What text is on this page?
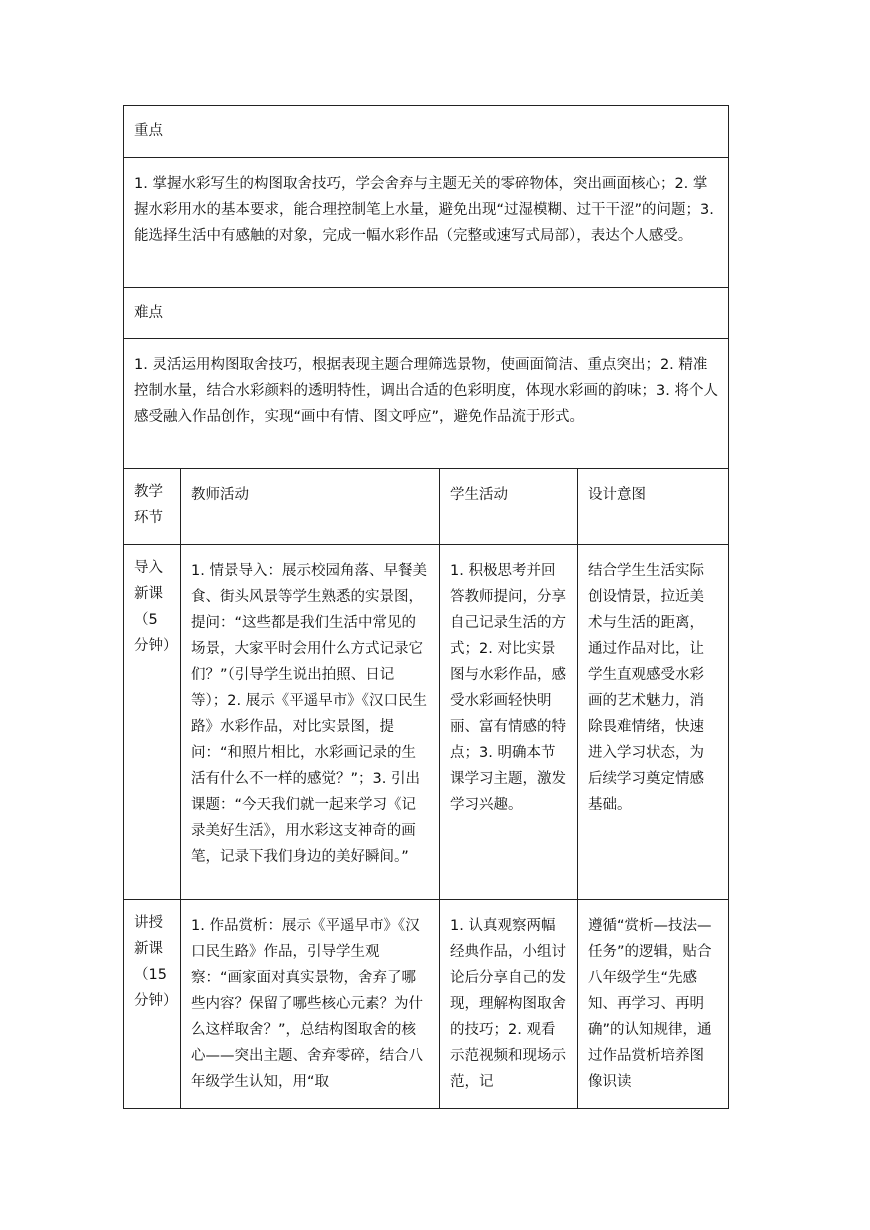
重点			
1. 掌握水彩写生的构图取舍技巧，学会舍弃与主题无关的零碎物体，突出画面核心；2. 掌握水彩用水的基本要求，能合理控制笔上水量，避免出现“过湿模糊、过干干涩”的问题；3. 能选择生活中有感触的对象，完成一幅水彩作品（完整或速写式局部），表达个人感受。			
难点			
1. 灵活运用构图取舍技巧，根据表现主题合理筛选景物，使画面简洁、重点突出；2. 精准控制水量，结合水彩颜料的透明特性，调出合适的色彩明度，体现水彩画的韵味；3. 将个人感受融入作品创作，实现“画中有情、图文呼应”，避免作品流于形式。			
教学环节	教师活动	学生活动	设计意图
导入新课（5分钟）	1. 情景导入：展示校园角落、早餐美食、街头风景等学生熟悉的实景图，提问：“这些都是我们生活中常见的场景，大家平时会用什么方式记录它们？”（引导学生说出拍照、日记等）；2. 展示《平遥早市》《汉口民生路》水彩作品，对比实景图，提问：“和照片相比，水彩画记录的生活有什么不一样的感觉？”；3. 引出课题：“今天我们就一起来学习《记录美好生活》，用水彩这支神奇的画笔，记录下我们身边的美好瞬间。”	1. 积极思考并回答教师提问，分享自己记录生活的方式；2. 对比实景图与水彩作品，感受水彩画轻快明丽、富有情感的特点；3. 明确本节课学习主题，激发学习兴趣。	结合学生生活实际创设情景，拉近美术与生活的距离，通过作品对比，让学生直观感受水彩画的艺术魅力，消除畏难情绪，快速进入学习状态，为后续学习奠定情感基础。
讲授新课（15分钟）	1. 作品赏析：展示《平遥早市》《汉口民生路》作品，引导学生观察：“画家面对真实景物，舍弃了哪些内容？保留了哪些核心元素？为什么这样取舍？”，总结构图取舍的核心——突出主题、舍弃零碎，结合八年级学生认知，用“取	1. 认真观察两幅经典作品，小组讨论后分享自己的发现，理解构图取舍的技巧；2. 观看示范视频和现场示范，记	遵循“赏析—技法—任务”的逻辑，贴合八年级学生“先感知、再学习、再明确”的认知规律，通过作品赏析培养图像识读
